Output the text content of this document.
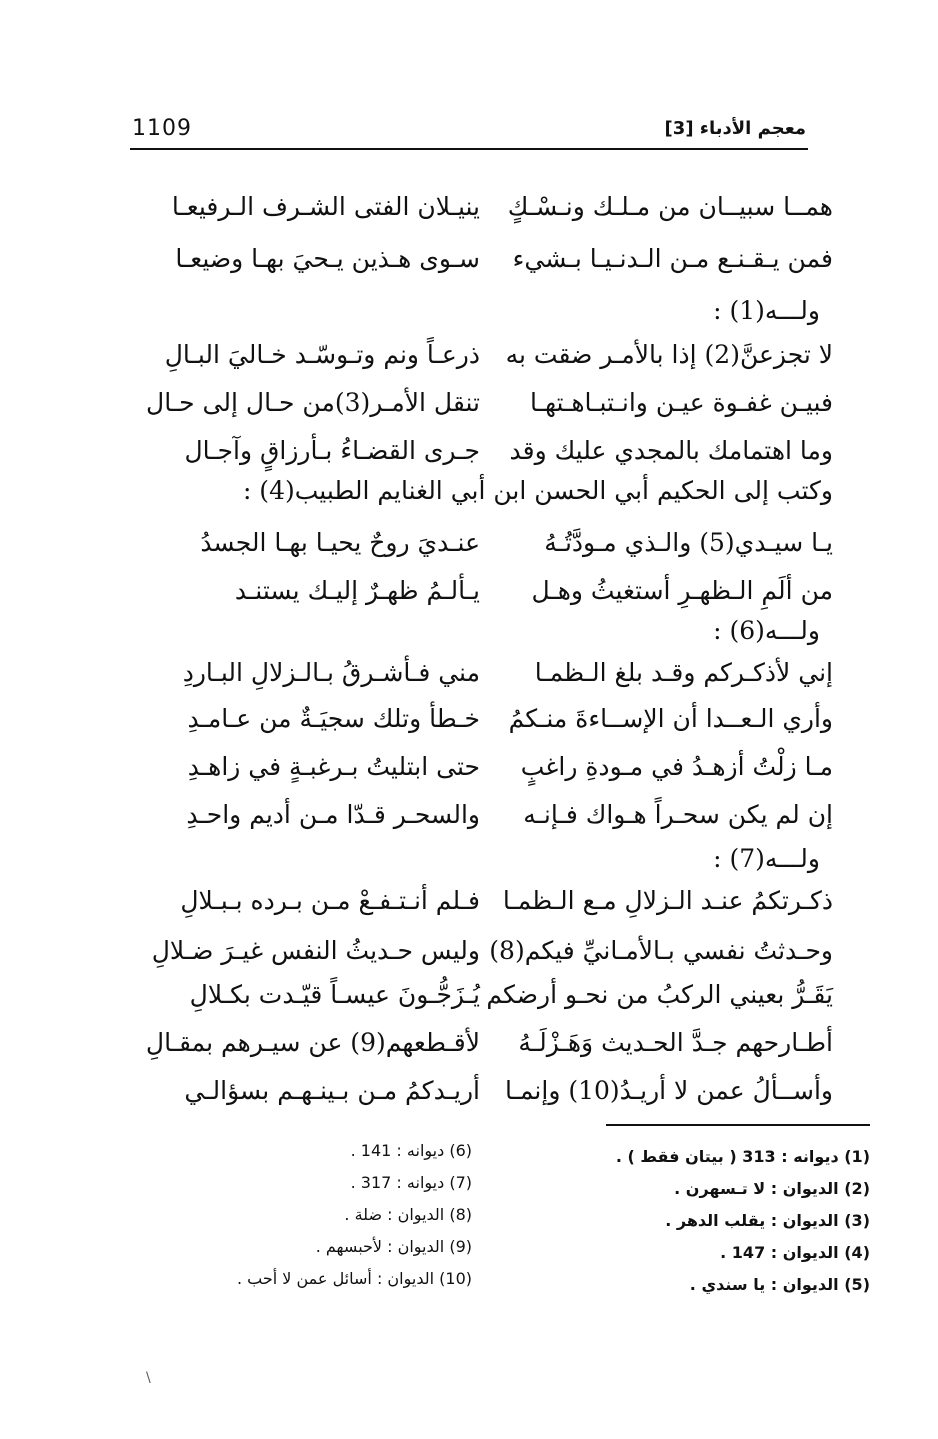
1109	معجم الأدباء [3]
همــا سبيــان من مـلـك ونـسْـكٍ
ينيـلان الفتى الشـرف الـرفيعـا
فمن يـقـنـع مـن الـدنـيـا بـشيء
سـوى هـذين يـحيَ بهـا وضيعـا
ولـــه(1) :
لا تجزعنَّ(2) إذا بالأمـر ضقت به
ذرعـاً ونم وتـوسّـد خـاليَ البـالِ
فبيـن غفـوة عيـن وانـتبـاهـتهـا
تنقل الأمـر(3)من حـال إلى حـال
وما اهتمامك بالمجدي عليك وقد
جـرى القضـاءُ بـأرزاقٍ وآجـال
وكتب إلى الحكيم أبي الحسن ابن أبي الغنايم الطبيب(4) :
يـا سيـدي(5) والـذي مـودَّتُـهُ
عنـديَ روحٌ يحيـا بهـا الجسدُ
من ألَمِ الـظهـرِ أستغيثُ وهـل
يـألـمُ ظهـرٌ إليـك يستنـد
ولـــه(6) :
إني لأذكـركم وقـد بلغ الـظمـا
مني فـأشـرقُ بـالـزلالِ البـاردِ
وأري الـعــدا أن الإســاءةَ منـكمُ
خـطأ وتلك سجيَـةٌ من عـامـدِ
مـا زلْتُ أزهـدُ في مـودةِ راغبٍ
حتى ابتليتُ بـرغبـةٍ في زاهـدِ
إن لم يكن سحـراً هـواك فـإنـه
والسحـر قـدّا مـن أديم واحـدِ
ولـــه(7) :
ذكـرتكمُ عنـد الـزلالِ مـع الـظمـا
فـلم أنـتـفـعْ مـن بـرده بـبـلالِ
وحـدثتُ نفسي بـالأمـانيِّ فيكم(8)
وليس حـديثُ النفس غيـرَ ضـلالِ
يَقَـرُّ بعيني الركبُ من نحـو أرضكم
يُـزَجُّـونَ عيسـاً قيّـدت بكـلالِ
أطـارحهم جـدَّ الحـديث وَهَـزْلَـهُ
لأقـطعهم(9) عن سيـرهم بمقـالِ
وأســألُ عمن لا أريـدُ(10) وإنمـا
أريـدكمُ مـن بـينـهـم بسؤالـي
(1) ديوانه : 313 ( بيتان فقط ) .
(2) الديوان : لا تـسهرن .
(3) الديوان : يقلب الدهر .
(4) الديوان : 147 .
(5) الديوان : يا سندي .
(6) ديوانه : 141 .
(7) ديوانه : 317 .
(8) الديوان : ضلة .
(9) الديوان : لأحبسهم .
(10) الديوان : أسائل عمن لا أحب .
\
